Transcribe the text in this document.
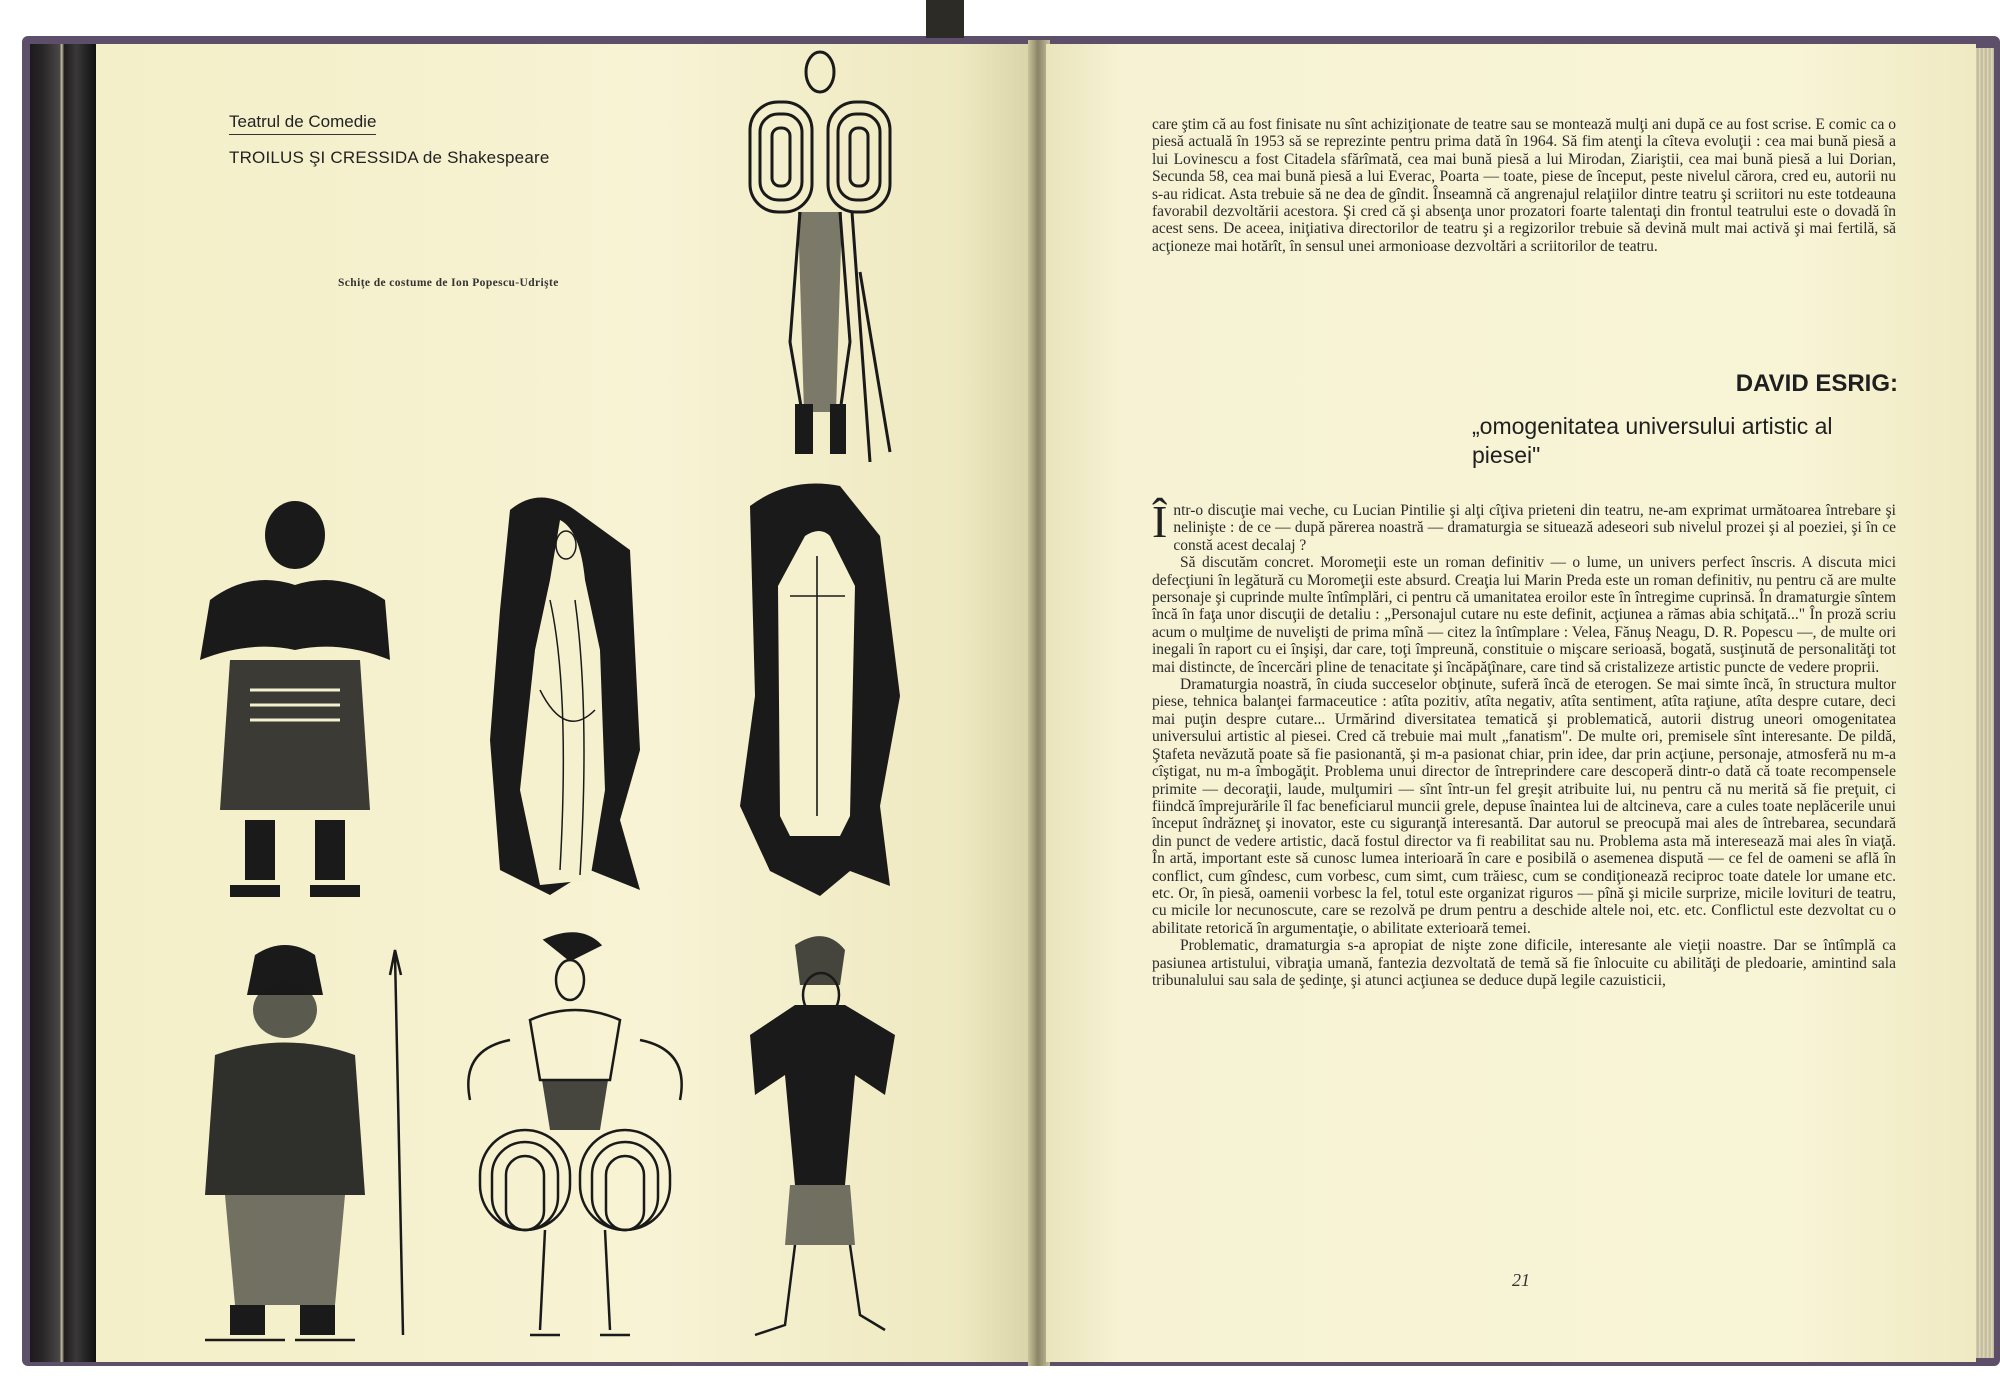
Teatrul de Comedie
TROILUS ŞI CRESSIDA de Shakespeare
Schiţe de costume de Ion Popescu-Udrişte

care ştim că au fost finisate nu sînt achiziţionate de teatre sau se montează mulţi ani după ce au fost scrise. E comic ca o piesă actuală în 1953 să se reprezinte pentru prima dată în 1964. Să fim atenţi la cîteva evoluţii : cea mai bună piesă a lui Lovinescu a fost Citadela sfărîmată, cea mai bună piesă a lui Mirodan, Ziariştii, cea mai bună piesă a lui Dorian, Secunda 58, cea mai bună piesă a lui Everac, Poarta — toate, piese de început, peste nivelul cărora, cred eu, autorii nu s-au ridicat. Asta trebuie să ne dea de gîndit. Înseamnă că angrenajul relaţiilor dintre teatru şi scriitori nu este totdeauna favorabil dezvoltării acestora. Şi cred că şi absenţa unor prozatori foarte talentaţi din frontul teatrului este o dovadă în acest sens. De aceea, iniţiativa directorilor de teatru şi a regizorilor trebuie să devină mult mai activă şi mai fertilă, să acţioneze mai hotărît, în sensul unei armonioase dezvoltări a scriitorilor de teatru.

DAVID ESRIG:
„omogenitatea universului artistic al piesei"

Într-o discuţie mai veche, cu Lucian Pintilie şi alţi cîţiva prieteni din teatru, ne-am exprimat următoarea întrebare şi nelinişte : de ce — după părerea noastră — dramaturgia se situează adeseori sub nivelul prozei şi al poeziei, şi în ce constă acest decalaj ?

Să discutăm concret. Moromeţii este un roman definitiv — o lume, un univers perfect înscris. A discuta mici defecţiuni în legătură cu Moromeţii este absurd. Creaţia lui Marin Preda este un roman definitiv, nu pentru că are multe personaje şi cuprinde multe întîmplări, ci pentru că umanitatea eroilor este în întregime cuprinsă. În dramaturgie sîntem încă în faţa unor discuţii de detaliu : „Personajul cutare nu este definit, acţiunea a rămas abia schiţată..." În proză scriu acum o mulţime de nuvelişti de prima mînă — citez la întîmplare : Velea, Fănuş Neagu, D. R. Popescu —, de multe ori inegali în raport cu ei înşişi, dar care, toţi împreună, constituie o mişcare serioasă, bogată, susţinută de personalităţi tot mai distincte, de încercări pline de tenacitate şi încăpăţînare, care tind să cristalizeze artistic puncte de vedere proprii.

Dramaturgia noastră, în ciuda succeselor obţinute, suferă încă de eterogen. Se mai simte încă, în structura multor piese, tehnica balanţei farmaceutice : atîta pozitiv, atîta negativ, atîta sentiment, atîta raţiune, atîta despre cutare, deci mai puţin despre cutare... Urmărind diversitatea tematică şi problematică, autorii distrug uneori omogenitatea universului artistic al piesei. Cred că trebuie mai mult „fanatism". De multe ori, premisele sînt interesante. De pildă, Ştafeta nevăzută poate să fie pasionantă, şi m-a pasionat chiar, prin idee, dar prin acţiune, personaje, atmosferă nu m-a cîştigat, nu m-a îmbogăţit. Problema unui director de întreprindere care descoperă dintr-o dată că toate recompensele primite — decoraţii, laude, mulţumiri — sînt într-un fel greşit atribuite lui, nu pentru că nu merită să fie preţuit, ci fiindcă împrejurările îl fac beneficiarul muncii grele, depuse înaintea lui de altcineva, care a cules toate neplăcerile unui început îndrăzneţ şi inovator, este cu siguranţă interesantă. Dar autorul se preocupă mai ales de întrebarea, secundară din punct de vedere artistic, dacă fostul director va fi reabilitat sau nu. Problema asta mă interesează mai ales în viaţă. În artă, important este să cunosc lumea interioară în care e posibilă o asemenea dispută — ce fel de oameni se află în conflict, cum gîndesc, cum vorbesc, cum simt, cum trăiesc, cum se condiţionează reciproc toate datele lor umane etc. etc. Or, în piesă, oamenii vorbesc la fel, totul este organizat riguros — pînă şi micile surprize, micile lovituri de teatru, cu micile lor necunoscute, care se rezolvă pe drum pentru a deschide altele noi, etc. etc. Conflictul este dezvoltat cu o abilitate retorică în argumentaţie, o abilitate exterioară temei.

Problematic, dramaturgia s-a apropiat de nişte zone dificile, interesante ale vieţii noastre. Dar se întîmplă ca pasiunea artistului, vibraţia umană, fantezia dezvoltată de temă să fie înlocuite cu abilităţi de pledoarie, amintind sala tribunalului sau sala de şedinţe, şi atunci acţiunea se deduce după legile cazuisticii,

21
